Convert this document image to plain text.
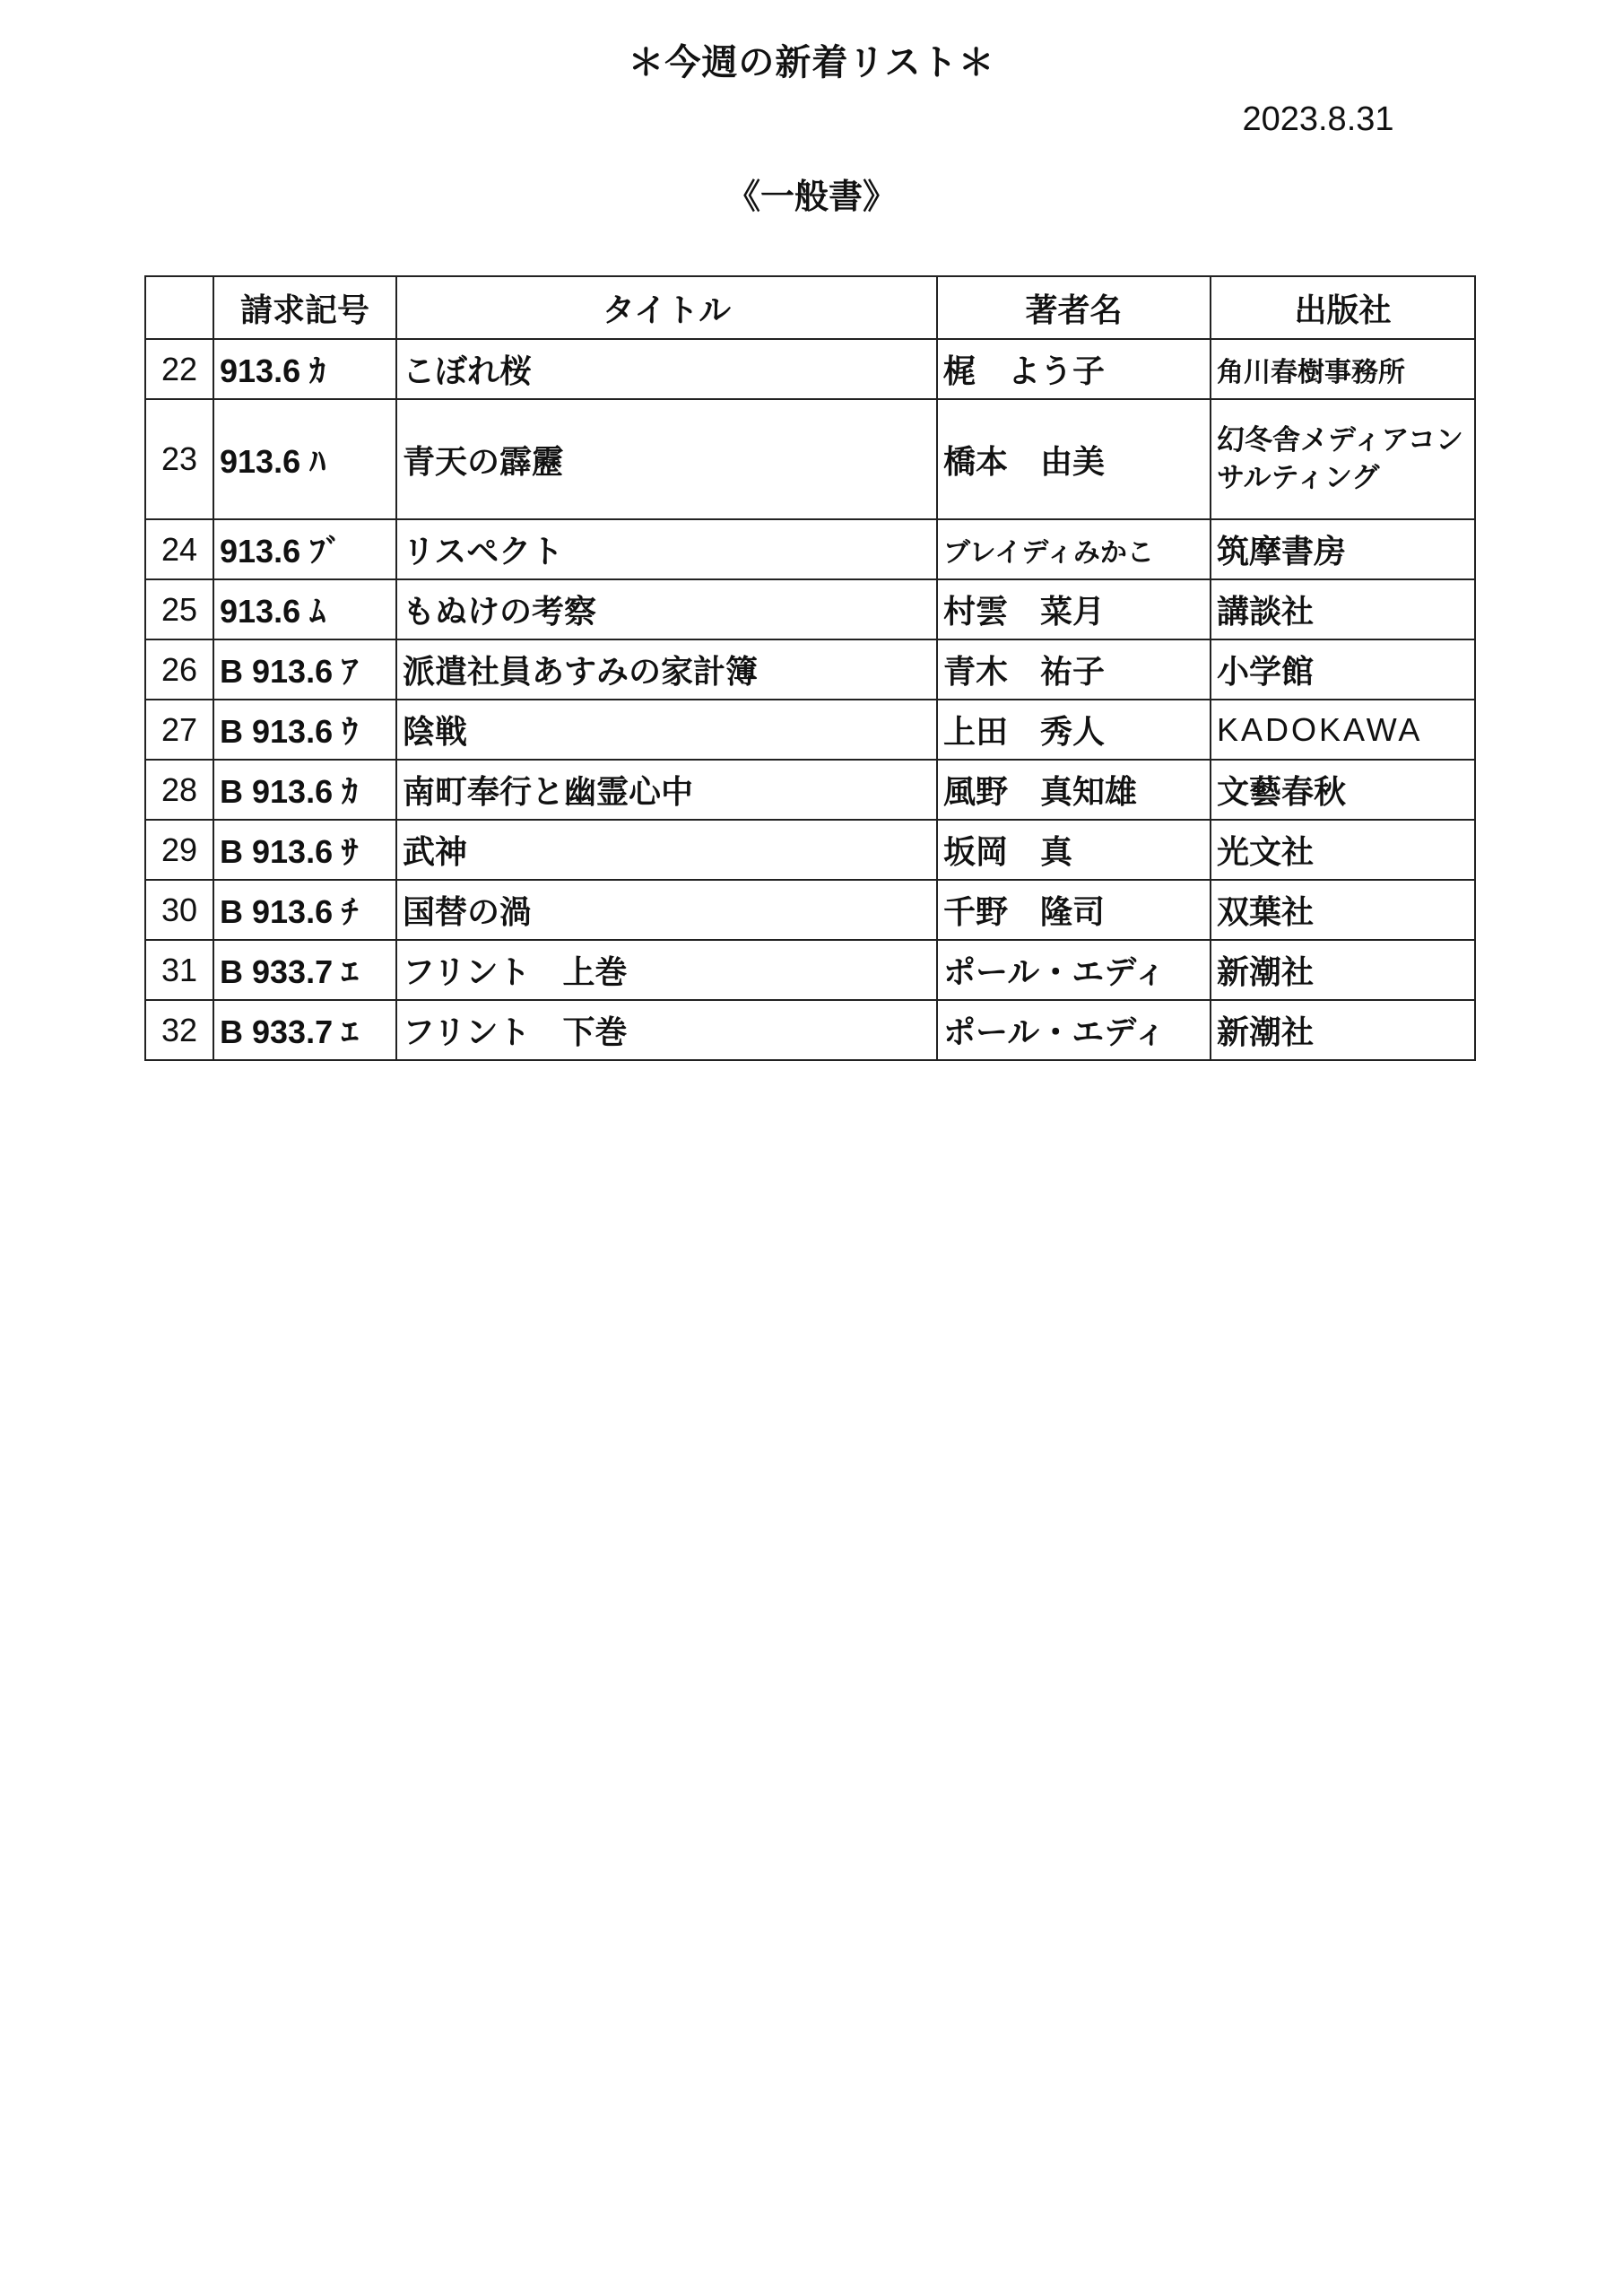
＊今週の新着リスト＊
2023.8.31
《一般書》
	請求記号	タイトル	著者名	出版社
22	913.6 ｶ	こぼれ桜	梶　よう子	角川春樹事務所
23	913.6 ﾊ	青天の霹靂	橋本　由美	幻冬舎メディアコンサルティング
24	913.6 ﾌﾞ	リスペクト	ブレイディみかこ	筑摩書房
25	913.6 ﾑ	もぬけの考察	村雲　菜月	講談社
26	B 913.6 ｱ	派遣社員あすみの家計簿	青木　祐子	小学館
27	B 913.6 ｳ	陰戦	上田　秀人	KADOKAWA
28	B 913.6 ｶ	南町奉行と幽霊心中	風野　真知雄	文藝春秋
29	B 913.6 ｻ	武神	坂岡　真	光文社
30	B 913.6 ﾁ	国替の渦	千野　隆司	双葉社
31	B 933.7 ｴ	フリント　上巻	ポール・エディ	新潮社
32	B 933.7 ｴ	フリント　下巻	ポール・エディ	新潮社
